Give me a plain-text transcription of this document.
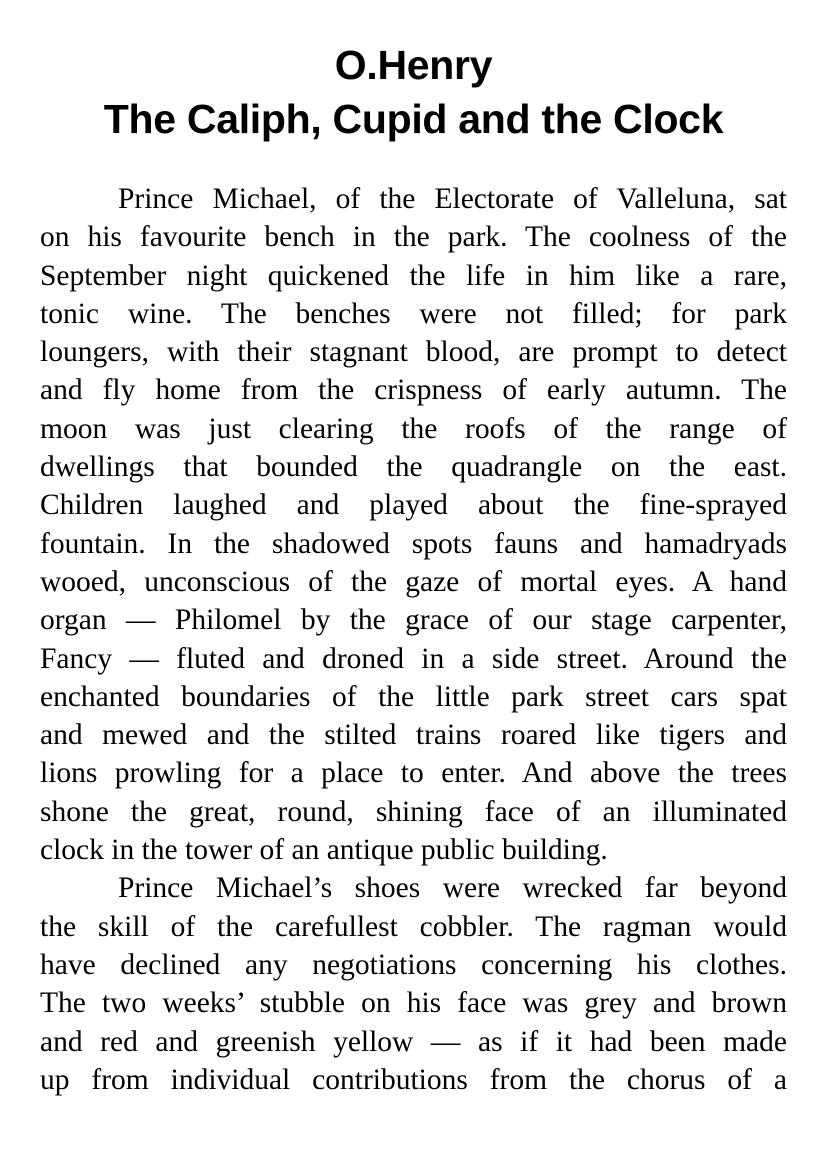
O.Henry
The Caliph, Cupid and the Clock
Prince Michael, of the Electorate of Valleluna, sat
on his favourite bench in the park. The coolness of the
September night quickened the life in him like a rare,
tonic wine. The benches were not filled; for park
loungers, with their stagnant blood, are prompt to detect
and fly home from the crispness of early autumn. The
moon was just clearing the roofs of the range of
dwellings that bounded the quadrangle on the east.
Children laughed and played about the fine-sprayed
fountain. In the shadowed spots fauns and hamadryads
wooed, unconscious of the gaze of mortal eyes. A hand
organ — Philomel by the grace of our stage carpenter,
Fancy — fluted and droned in a side street. Around the
enchanted boundaries of the little park street cars spat
and mewed and the stilted trains roared like tigers and
lions prowling for a place to enter. And above the trees
shone the great, round, shining face of an illuminated
clock in the tower of an antique public building.
Prince Michael’s shoes were wrecked far beyond
the skill of the carefullest cobbler. The ragman would
have declined any negotiations concerning his clothes.
The two weeks’ stubble on his face was grey and brown
and red and greenish yellow — as if it had been made
up from individual contributions from the chorus of a
